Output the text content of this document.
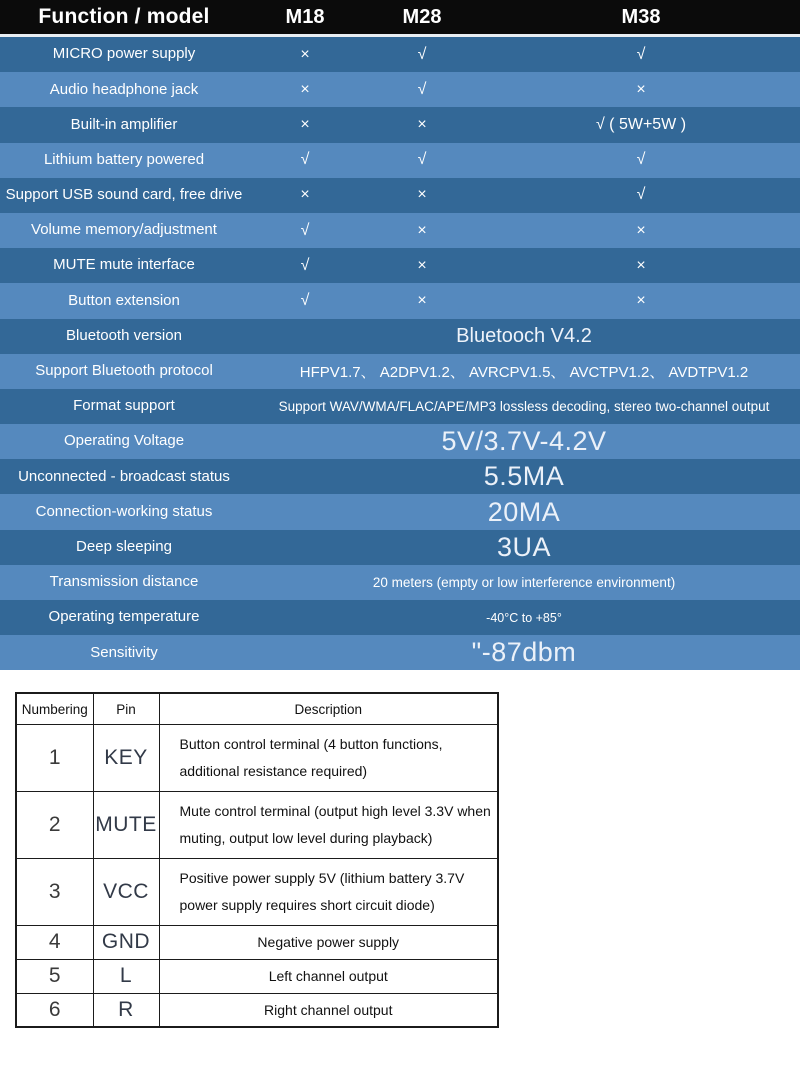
Function / model	M18	M28	M38
MICRO power supply	×	√	√
Audio headphone jack	×	√	×
Built-in amplifier	×	×	√ ( 5W+5W )
Lithium battery powered	√	√	√
Support USB sound card, free drive	×	×	√
Volume memory/adjustment	√	×	×
MUTE mute interface	√	×	×
Button extension	√	×	×
Bluetooth version	Bluetooch V4.2
Support Bluetooth protocol	HFPV1.7、 A2DPV1.2、 AVRCPV1.5、 AVCTPV1.2、 AVDTPV1.2
Format support	Support WAV/WMA/FLAC/APE/MP3 lossless decoding, stereo two-channel output
Operating Voltage	5V/3.7V-4.2V
Unconnected - broadcast status	5.5MA
Connection-working status	20MA
Deep sleeping	3UA
Transmission distance	20 meters (empty or low interference environment)
Operating temperature	-40°C to +85°
Sensitivity	"-87dbm
Numbering	Pin	Description
1	KEY	Button control terminal (4 button functions, additional resistance required)
2	MUTE	Mute control terminal (output high level 3.3V when muting, output low level during playback)
3	VCC	Positive power supply 5V (lithium battery 3.7V power supply requires short circuit diode)
4	GND	Negative power supply
5	L	Left channel output
6	R	Right channel output
